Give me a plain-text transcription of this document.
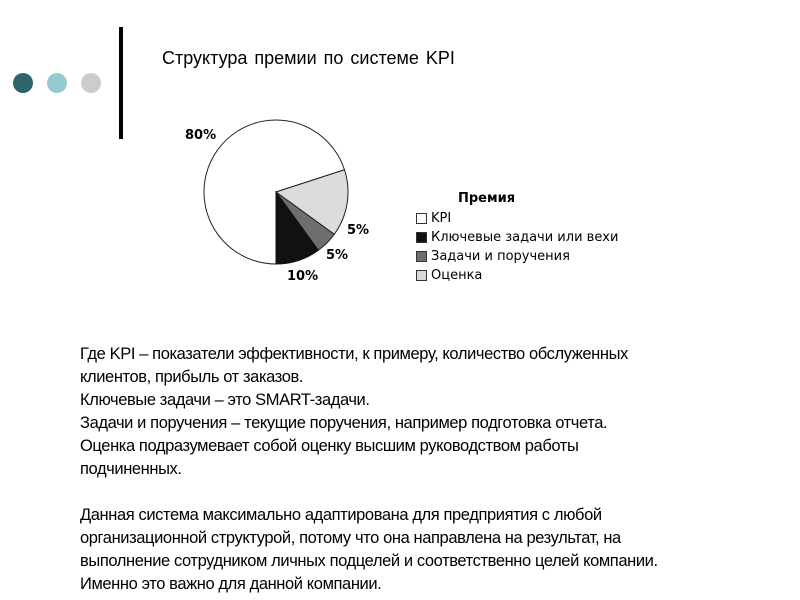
Структура премии по системе KPI
80%
10%
5%
5%
Премия
KPI
Ключевые задачи или вехи
Задачи и поручения
Оценка

Где KPI – показатели эффективности, к примеру, количество обслуженных

клиентов, прибыль от заказов.

Ключевые задачи – это SMART-задачи.

Задачи и поручения – текущие поручения, например подготовка отчета.

Оценка подразумевает собой оценку высшим руководством работы

подчиненных.

Данная система максимально адаптирована для предприятия с любой

организационной структурой, потому что она направлена на результат, на

выполнение сотрудником личных подцелей и соответственно целей компании.

Именно это важно для данной компании.
